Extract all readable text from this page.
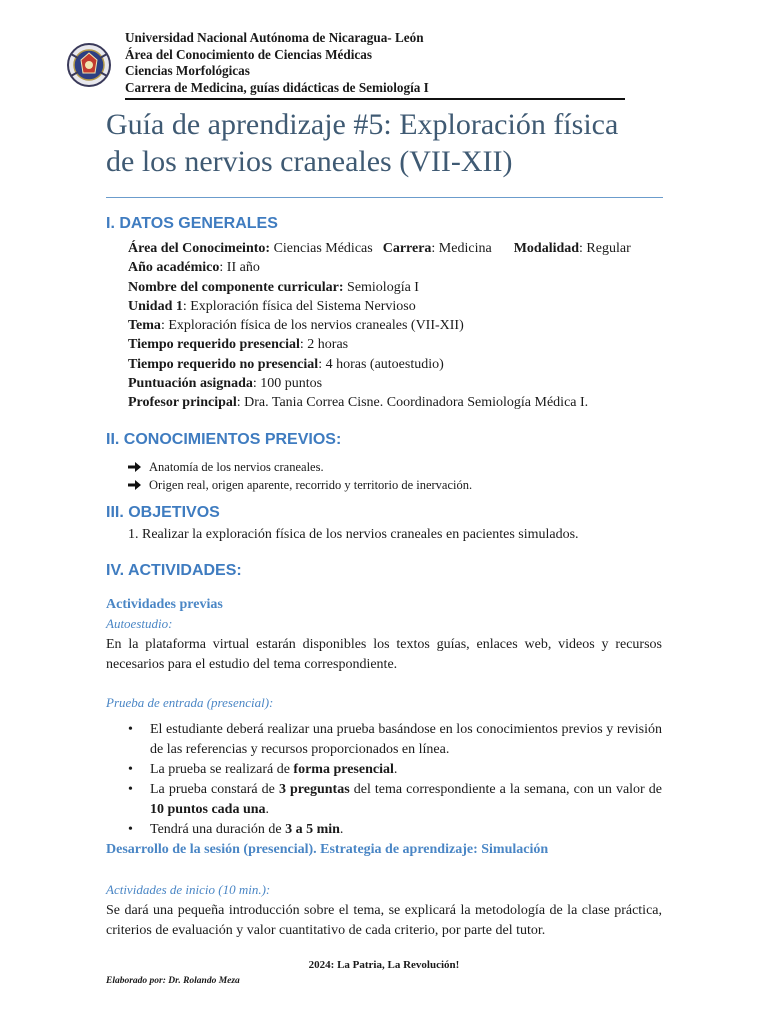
Universidad Nacional Autónoma de Nicaragua- León
Área del Conocimiento de Ciencias Médicas
Ciencias Morfológicas
Carrera de Medicina, guías didácticas de Semiología I
Guía de aprendizaje #5: Exploración física
de los nervios craneales (VII-XII)
I. DATOS GENERALES
Área del Conocimeinto: Ciencias Médicas Carrera: Medicina Modalidad: Regular
Año académico: II año
Nombre del componente curricular: Semiología I
Unidad 1: Exploración física del Sistema Nervioso
Tema: Exploración física de los nervios craneales (VII-XII)
Tiempo requerido presencial: 2 horas
Tiempo requerido no presencial: 4 horas (autoestudio)
Puntuación asignada: 100 puntos
Profesor principal: Dra. Tania Correa Cisne. Coordinadora Semiología Médica I.
II. CONOCIMIENTOS PREVIOS:
Anatomía de los nervios craneales.
Origen real, origen aparente, recorrido y territorio de inervación.
III. OBJETIVOS
1. Realizar la exploración física de los nervios craneales en pacientes simulados.
IV. ACTIVIDADES:
Actividades previas
Autoestudio:
En la plataforma virtual estarán disponibles los textos guías, enlaces web, videos y recursos necesarios para el estudio del tema correspondiente.
Prueba de entrada (presencial):
• El estudiante deberá realizar una prueba basándose en los conocimientos previos y revisión de las referencias y recursos proporcionados en línea.
• La prueba se realizará de forma presencial.
• La prueba constará de 3 preguntas del tema correspondiente a la semana, con un valor de 10 puntos cada una.
• Tendrá una duración de 3 a 5 min.
Desarrollo de la sesión (presencial). Estrategia de aprendizaje: Simulación
Actividades de inicio (10 min.):
Se dará una pequeña introducción sobre el tema, se explicará la metodología de la clase práctica, criterios de evaluación y valor cuantitativo de cada criterio, por parte del tutor.
2024: La Patria, La Revolución!
Elaborado por: Dr. Rolando Meza
